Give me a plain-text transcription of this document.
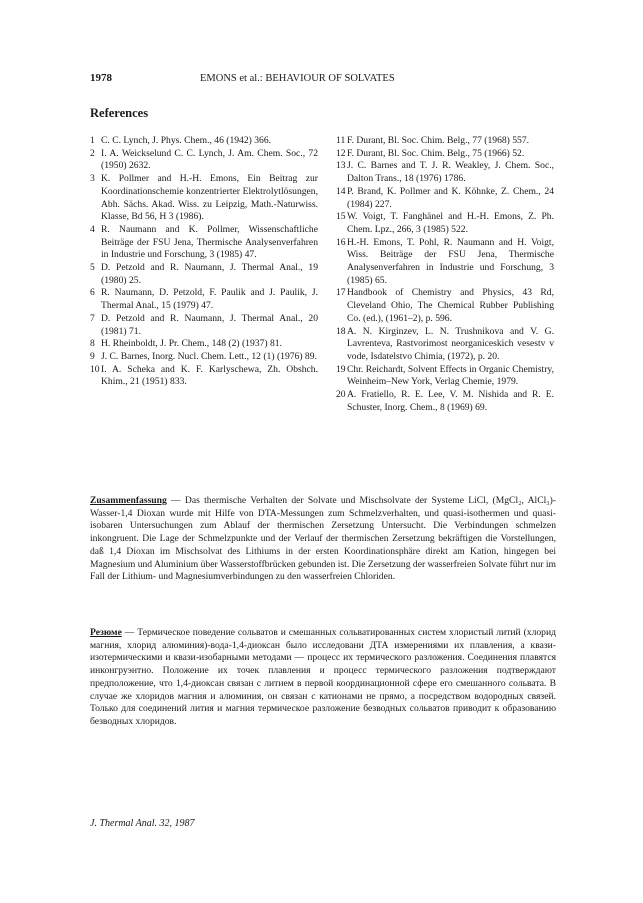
1978	EMONS et al.: BEHAVIOUR OF SOLVATES
References
1 C. C. Lynch, J. Phys. Chem., 46 (1942) 366.
2 I. A. Weickselund C. C. Lynch, J. Am. Chem. Soc., 72 (1950) 2632.
3 K. Pollmer and H.-H. Emons, Ein Beitrag zur Koordinationschemie konzentrierter Elektrolytlösungen, Abh. Sächs. Akad. Wiss. zu Leipzig, Math.-Naturwiss. Klasse, Bd 56, H 3 (1986).
4 R. Naumann and K. Pollmer, Wissenschaftliche Beiträge der FSU Jena, Thermische Analysenverfahren in Industrie und Forschung, 3 (1985) 47.
5 D. Petzold and R. Naumann, J. Thermal Anal., 19 (1980) 25.
6 R. Naumann, D. Petzold, F. Paulik and J. Paulik, J. Thermal Anal., 15 (1979) 47.
7 D. Petzold and R. Naumann, J. Thermal Anal., 20 (1981) 71.
8 H. Rheinboldt, J. Pr. Chem., 148 (2) (1937) 81.
9 J. C. Barnes, Inorg. Nucl. Chem. Lett., 12 (1) (1976) 89.
10 I. A. Scheka and K. F. Karlyschewa, Zh. Obshch. Khim., 21 (1951) 833.
11 F. Durant, Bl. Soc. Chim. Belg., 77 (1968) 557.
12 F. Durant, Bl. Soc. Chim. Belg., 75 (1966) 52.
13 J. C. Barnes and T. J. R. Weakley, J. Chem. Soc., Dalton Trans., 18 (1976) 1786.
14 P. Brand, K. Pollmer and K. Köhnke, Z. Chem., 24 (1984) 227.
15 W. Voigt, T. Fanghänel and H.-H. Emons, Z. Ph. Chem. Lpz., 266, 3 (1985) 522.
16 H.-H. Emons, T. Pohl, R. Naumann and H. Voigt, Wiss. Beiträge der FSU Jena, Thermische Analysenverfahren in Industrie und Forschung, 3 (1985) 65.
17 Handbook of Chemistry and Physics, 43 Rd, Cleveland Ohio, The Chemical Rubber Publishing Co. (ed.), (1961–2), p. 596.
18 A. N. Kirginzev, L. N. Trushnikova and V. G. Lavrenteva, Rastvorimost neorganiceskich vesestv v vode, Isdatelstvo Chimia, (1972), p. 20.
19 Chr. Reichardt, Solvent Effects in Organic Chemistry, Weinheim–New York, Verlag Chemie, 1979.
20 A. Fratiello, R. E. Lee, V. M. Nishida and R. E. Schuster, Inorg. Chem., 8 (1969) 69.
Zusammenfassung — Das thermische Verhalten der Solvate und Mischsolvate der Systeme LiCl, (MgCl₂, AlCl₃)-Wasser-1,4 Dioxan wurde mit Hilfe von DTA-Messungen zum Schmelzverhalten, und quasi-isothermen und quasi-isobaren Untersuchungen zum Ablauf der thermischen Zersetzung Untersucht. Die Verbindungen schmelzen inkongruent. Die Lage der Schmelzpunkte und der Verlauf der thermischen Zersetzung bekräftigen die Vorstellungen, daß 1,4 Dioxan im Mischsolvat des Lithiums in der ersten Koordinationsphäre direkt am Kation, hingegen bei Magnesium und Aluminium über Wasserstoffbrücken gebunden ist. Die Zersetzung der wasserfreien Solvate führt nur im Fall der Lithium- und Magnesiumverbindungen zu den wasserfreien Chloriden.
Резюме — Термическое поведение сольватов и смешанных сольватированных систем хлористый литий (хлорид магния, хлорид алюминия)-вода-1,4-диоксан было исследовани ДТА измерениями их плавления, а квази-изотермическими и квази-изобарными методами — процесс их термического разложения. Соединения плавятся инконгруэнтно. Положение их точек плавления и процесс термического разложения подтверждают предположение, что 1,4-диоксан связан с литием в первой координационной сфере его смешанного сольвата. В случае же хлоридов магния и алюминия, он связан с катионами не прямо, а посредством водородных связей. Только для соединений лития и магния термическое разложение безводных сольватов приводит к образованию безводных хлоридов.
J. Thermal Anal. 32, 1987
